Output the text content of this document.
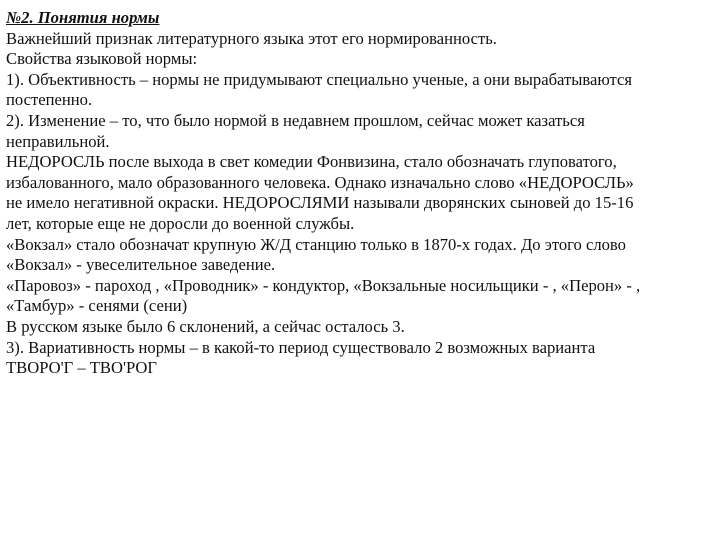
№2. Понятия нормы
Важнейший признак литературного языка этот его нормированность.
Свойства языковой нормы:
1). Объективность – нормы не придумывают специально ученые, а они вырабатываются
постепенно.
2). Изменение – то, что было нормой в недавнем прошлом, сейчас может казаться
неправильной.
НЕДОРОСЛЬ после выхода в свет комедии Фонвизина, стало обозначать глуповатого,
избалованного, мало образованного человека. Однако изначально слово «НЕДОРОСЛЬ»
не имело негативной окраски. НЕДОРОСЛЯМИ называли дворянских сыновей до 15-16
лет, которые еще не доросли до военной службы.
«Вокзал» стало обозначат крупную Ж/Д станцию только в 1870-х годах. До этого слово
«Вокзал» - увеселительное заведение.
«Паровоз» - пароход , «Проводник» - кондуктор, «Вокзальные носильщики - , «Перон» - ,
«Тамбур» - сенями (сени)
В русском языке было 6 склонений, а сейчас осталось 3.
3). Вариативность нормы – в какой-то период существовало 2 возможных варианта
ТВОРО'Г – ТВО'РОГ
